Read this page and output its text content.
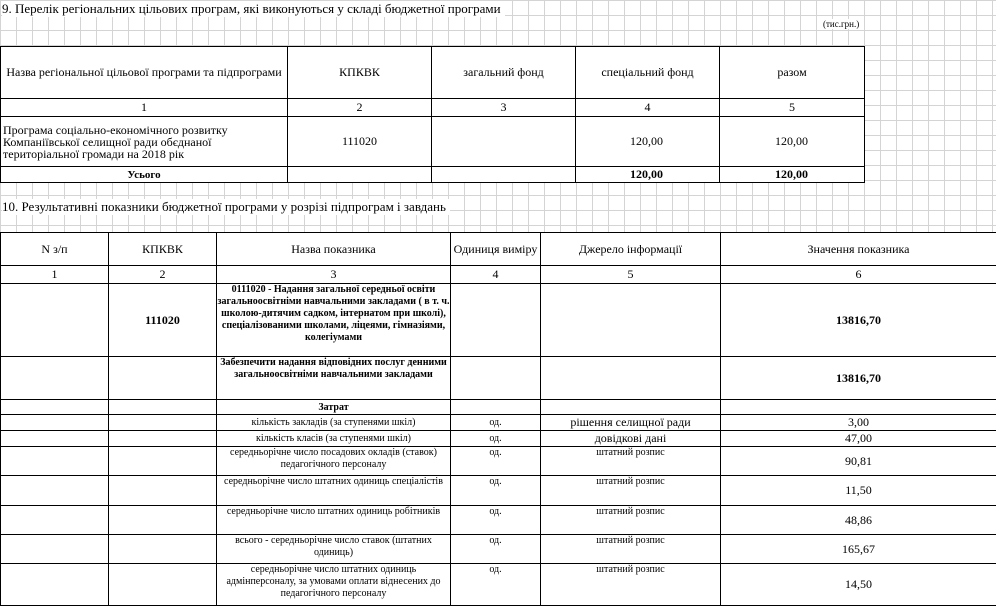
9. Перелік регіональних цільових програм, які виконуються у складі бюджетної програми
(тис.грн.)
Назва регіональної цільової програми та підпрограми	КПКВК	загальний фонд	спеціальний фонд	разом
1	2	3	4	5
Програма соціально-економічного розвитку Компаніївської селищної ради обєднаної територіальної громади на 2018 рік	111020		120,00	120,00
Усього			120,00	120,00
10. Результативні показники бюджетної програми у розрізі підпрограм і завдань
N з/п	КПКВК	Назва показника	Одиниця виміру	Джерело інформації	Значення показника
1	2	3	4	5	6
	111020	0111020 - Надання загальної середньої освіти загальноосвітніми навчальними закладами ( в т. ч. школою-дитячим садком, інтернатом при школі), спеціалізованими школами, ліцеями, гімназіями, колегіумами			13816,70
		Забезпечити надання відповідних послуг денними загальноосвітніми навчальними закладами			13816,70
		Затрат			
		кількість закладів (за ступенями шкіл)	од.	рішення селищної ради	3,00
		кількість класів (за ступенями шкіл)	од.	довідкові дані	47,00
		середньорічне число посадових окладів (ставок) педагогічного персоналу	од.	штатний розпис	90,81
		середньорічне число штатних одиниць спеціалістів	од.	штатний розпис	11,50
		середньорічне число штатних одиниць робітників	од.	штатний розпис	48,86
		всього - середньорічне число ставок (штатних одиниць)	од.	штатний розпис	165,67
		середньорічне число штатних одиниць адмінперсоналу, за умовами оплати віднесених до педагогічного персоналу	од.	штатний розпис	14,50
